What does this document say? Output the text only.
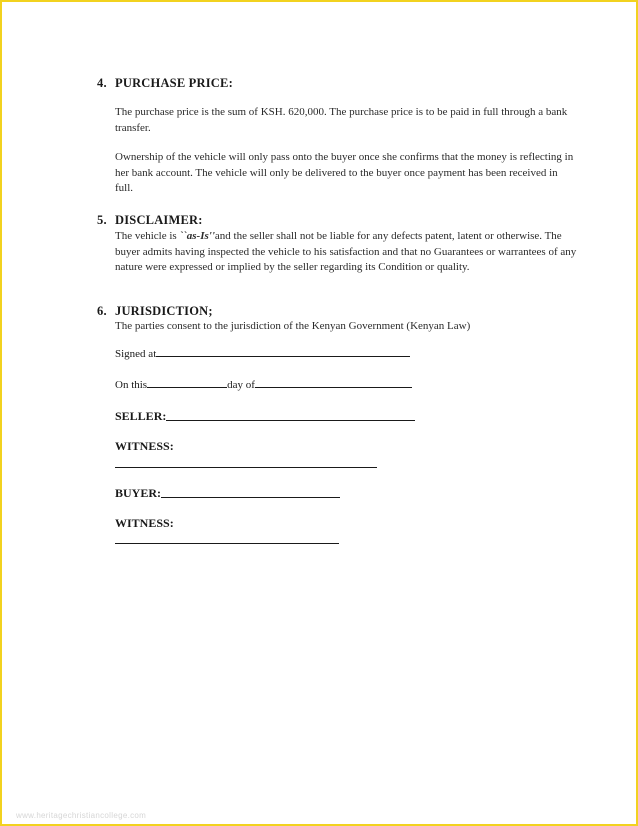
4. PURCHASE PRICE:
The purchase price is the sum of KSH. 620,000. The purchase price is to be paid in full through a bank transfer.
Ownership of the vehicle will only pass onto the buyer once she confirms that the money is reflecting in her bank account. The vehicle will only be delivered to the buyer once payment has been received in full.
5. DISCLAIMER:
The vehicle is ``as-Is''and the seller shall not be liable for any defects patent, latent or otherwise. The buyer admits having inspected the vehicle to his satisfaction and that no Guarantees or warrantees of any nature were expressed or implied by the seller regarding its Condition or quality.
6. JURISDICTION;
The parties consent to the jurisdiction of the Kenyan Government (Kenyan Law)
Signed at
On this	day of
SELLER:
WITNESS:
BUYER:
WITNESS:
www.heritagechristiancollege.com
